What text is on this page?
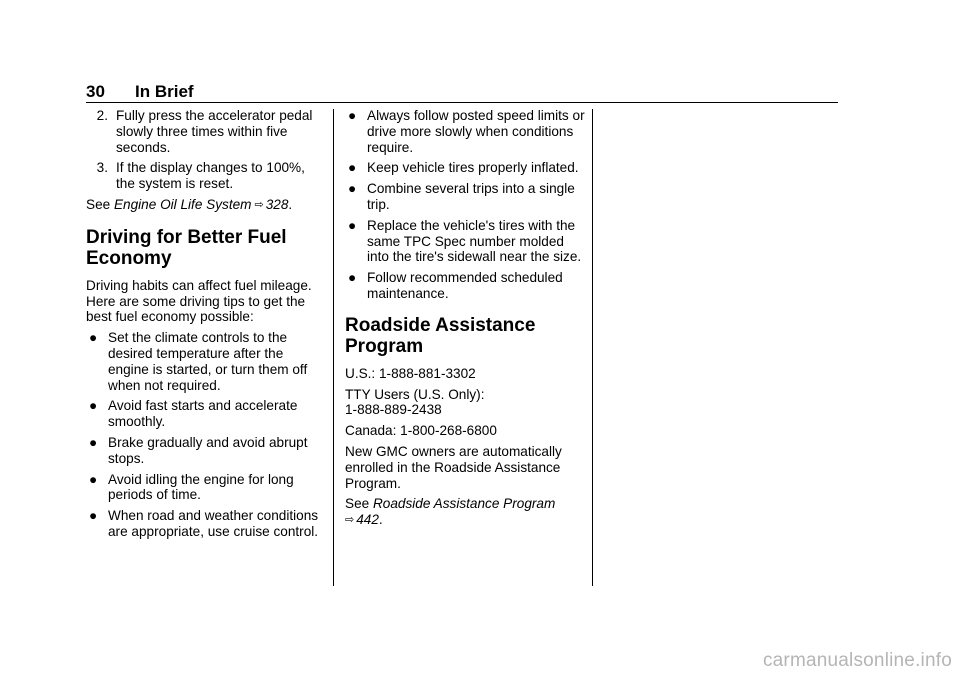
30 In Brief
2. Fully press the accelerator pedal slowly three times within five seconds.
3. If the display changes to 100%, the system is reset.

See Engine Oil Life System ⇨ 328.

Driving for Better Fuel Economy

Driving habits can affect fuel mileage. Here are some driving tips to get the best fuel economy possible:

● Set the climate controls to the desired temperature after the engine is started, or turn them off when not required.
● Avoid fast starts and accelerate smoothly.
● Brake gradually and avoid abrupt stops.
● Avoid idling the engine for long periods of time.
● When road and weather conditions are appropriate, use cruise control.
● Always follow posted speed limits or drive more slowly when conditions require.
● Keep vehicle tires properly inflated.
● Combine several trips into a single trip.
● Replace the vehicle's tires with the same TPC Spec number molded into the tire's sidewall near the size.
● Follow recommended scheduled maintenance.
Roadside Assistance Program

U.S.: 1-888-881-3302

TTY Users (U.S. Only):
1-888-889-2438

Canada: 1-800-268-6800

New GMC owners are automatically enrolled in the Roadside Assistance Program.

See Roadside Assistance Program
⇨ 442.

carmanualsonline.info
